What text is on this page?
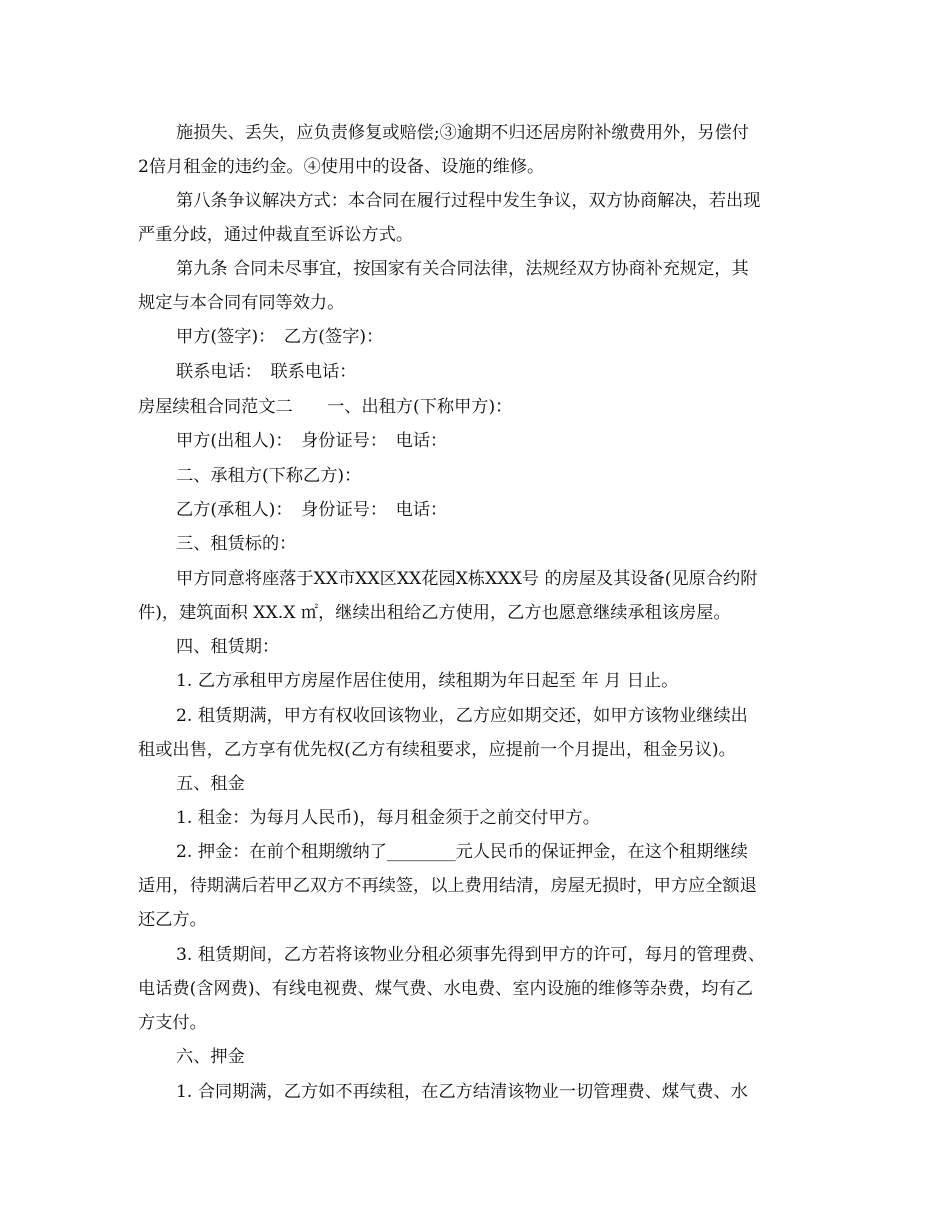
施损失、丢失，应负责修复或赔偿;③逾期不归还居房附补缴费用外，另偿付
2倍月租金的违约金。④使用中的设备、设施的维修。
第八条争议解决方式：本合同在履行过程中发生争议，双方协商解决，若出现
严重分歧，通过仲裁直至诉讼方式。
第九条 合同未尽事宜，按国家有关合同法律，法规经双方协商补充规定，其
规定与本合同有同等效力。
甲方(签字)：　乙方(签字)：
联系电话：　联系电话：
房屋续租合同范文二　　一、出租方(下称甲方)：
甲方(出租人)：　身份证号：　电话：
二、承租方(下称乙方)：
乙方(承租人)：　身份证号：　电话：
三、租赁标的：
甲方同意将座落于XX市XX区XX花园X栋XXX号 的房屋及其设备(见原合约附
件)，建筑面积 XX.X ㎡，继续出租给乙方使用，乙方也愿意继续承租该房屋。
四、租赁期：
1. 乙方承租甲方房屋作居住使用，续租期为年日起至 年 月 日止。
2. 租赁期满，甲方有权收回该物业，乙方应如期交还，如甲方该物业继续出
租或出售，乙方享有优先权(乙方有续租要求，应提前一个月提出，租金另议)。
五、租金
1. 租金：为每月人民币)，每月租金须于之前交付甲方。
2. 押金：在前个租期缴纳了________元人民币的保证押金，在这个租期继续
适用，待期满后若甲乙双方不再续签，以上费用结清，房屋无损时，甲方应全额退
还乙方。
3. 租赁期间，乙方若将该物业分租必须事先得到甲方的许可，每月的管理费、
电话费(含网费)、有线电视费、煤气费、水电费、室内设施的维修等杂费，均有乙
方支付。
六、押金
1. 合同期满，乙方如不再续租，在乙方结清该物业一切管理费、煤气费、水
